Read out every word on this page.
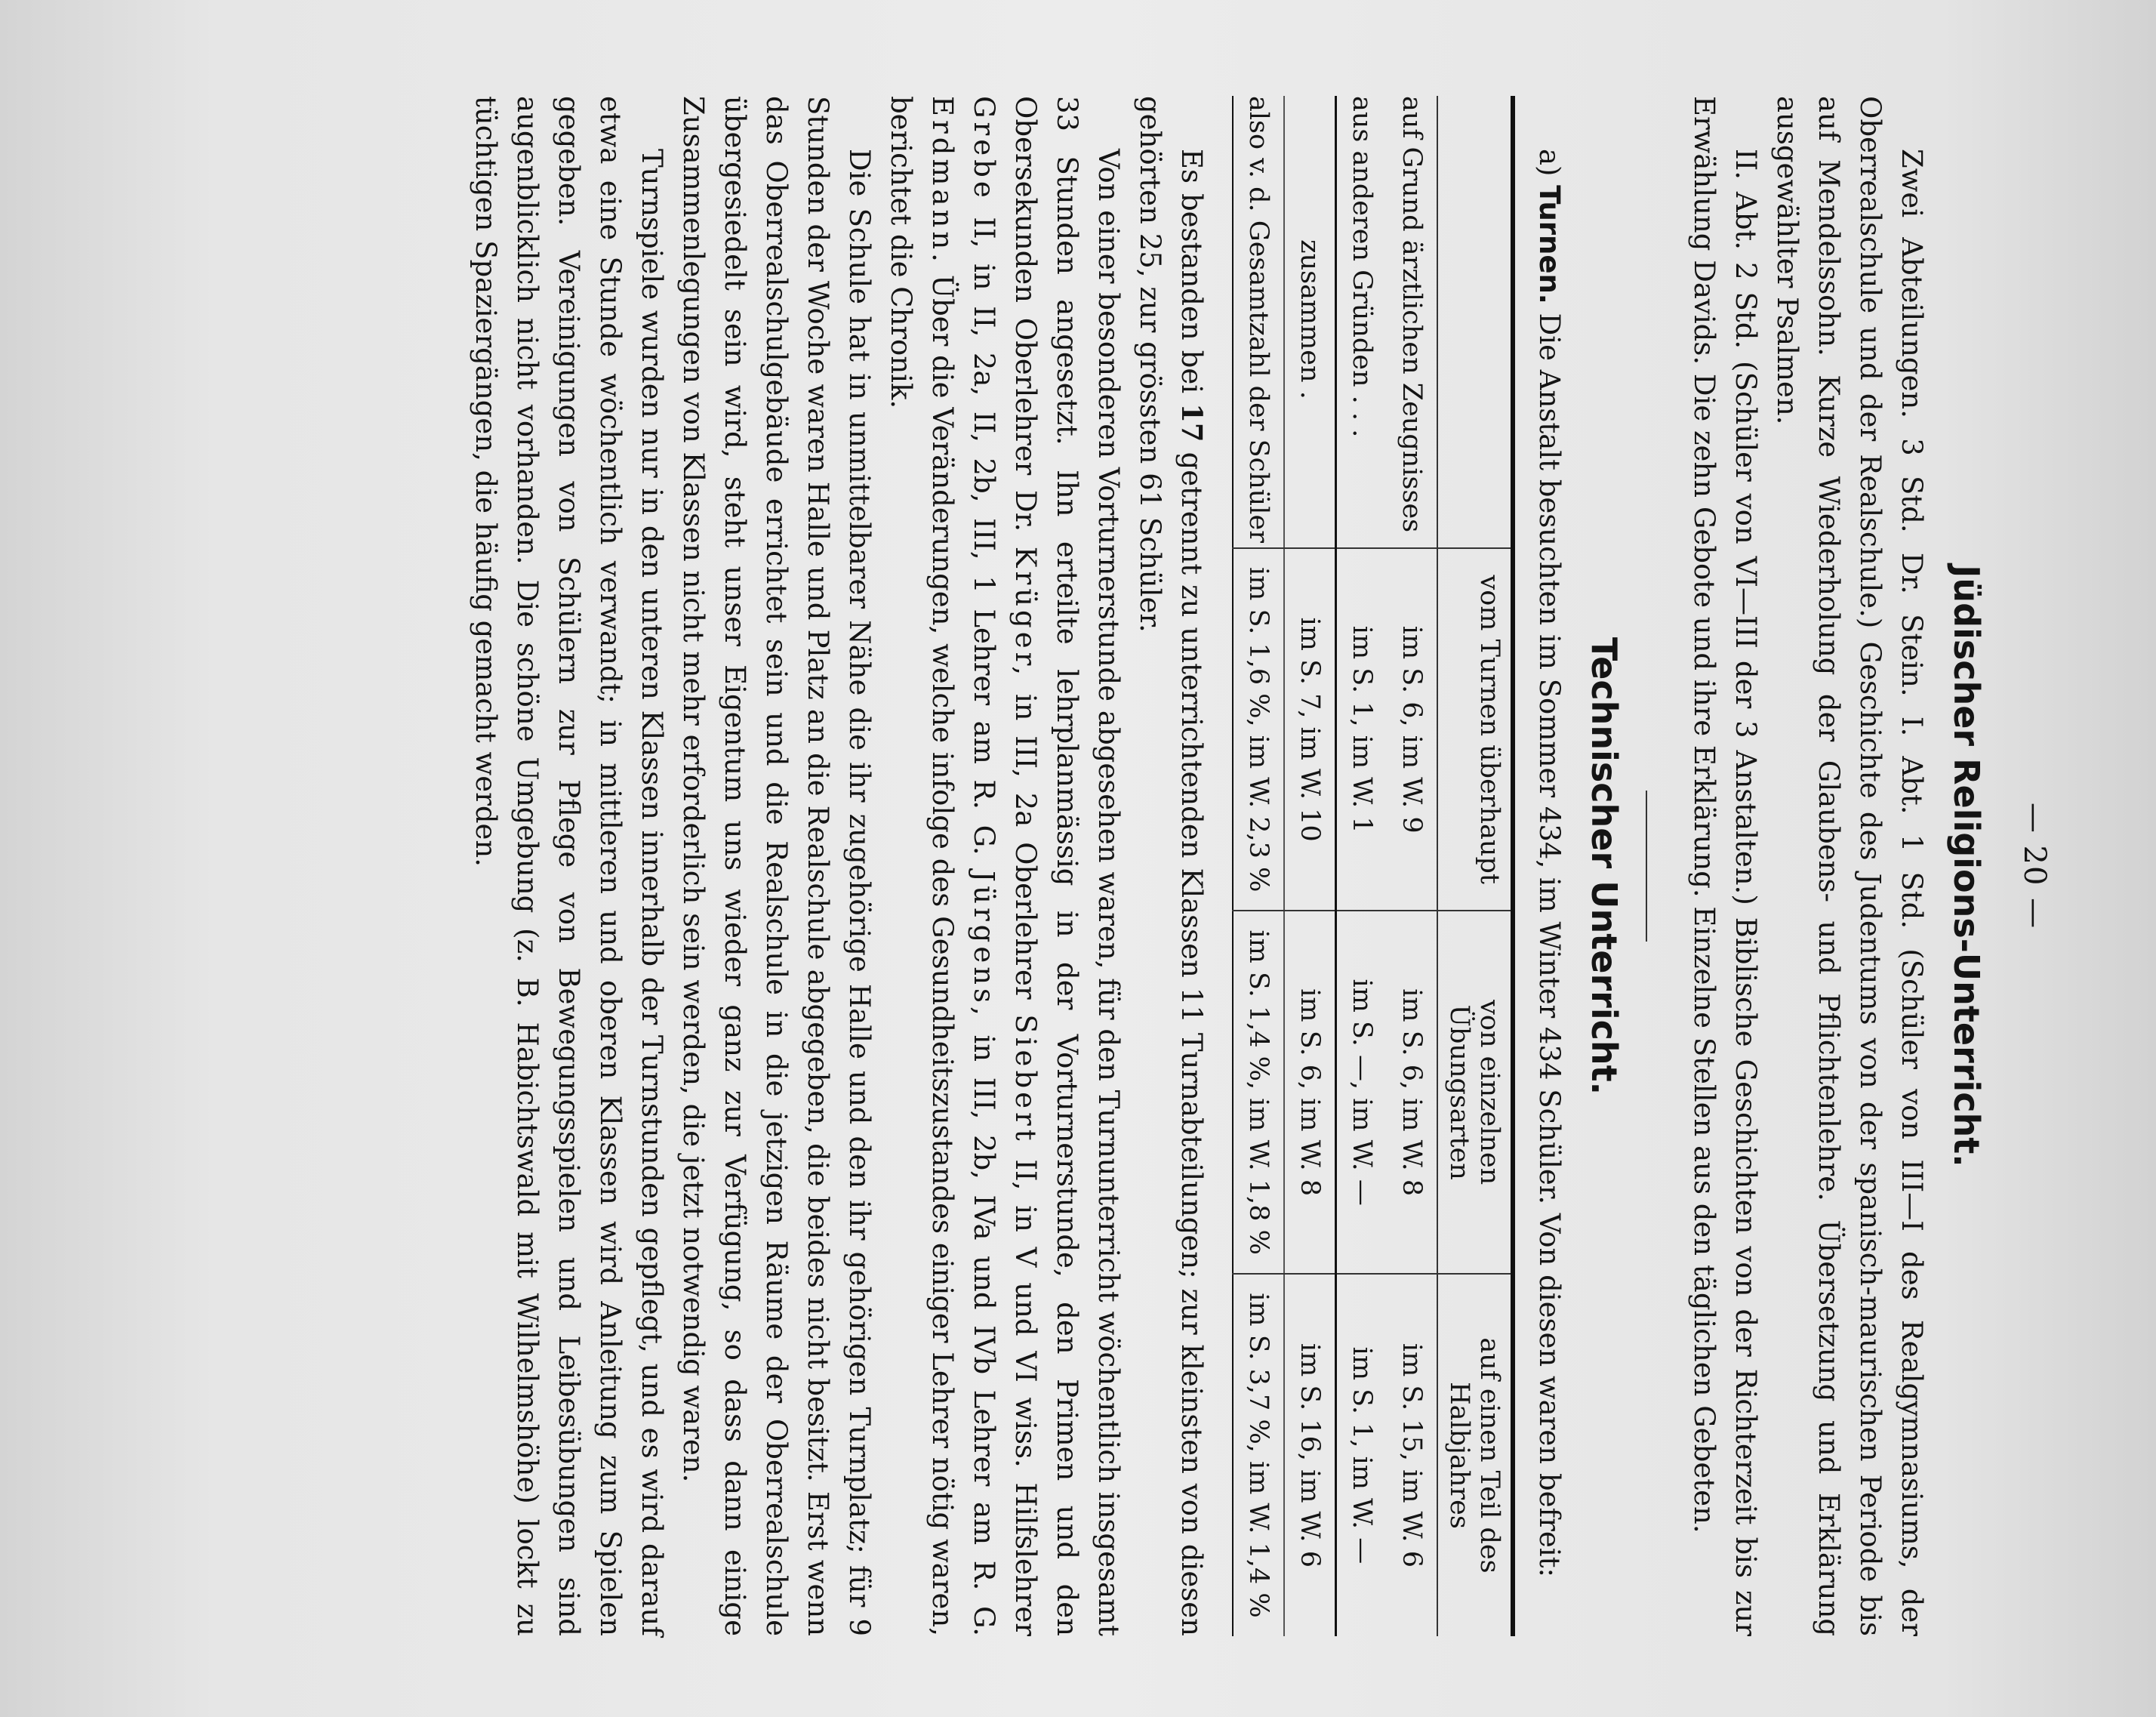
— 20 —
Jüdischer Religions-Unterricht.

Zwei Abteilungen. 3 Std. Dr. Stein. I. Abt. 1 Std. (Schüler von III—I des Realgymnasiums, der Oberrealschule und der Realschule.) Geschichte des Judentums von der spanisch-maurischen Periode bis auf Mendelssohn. Kurze Wiederholung der Glaubens- und Pflichtenlehre. Übersetzung und Erklärung ausgewählter Psalmen.

II. Abt. 2 Std. (Schüler von VI—III der 3 Anstalten.) Biblische Geschichten von der Richterzeit bis zur Erwählung Davids. Die zehn Gebote und ihre Erklärung. Einzelne Stellen aus den täglichen Gebeten.

Technischer Unterricht.

a) Turnen. Die Anstalt besuchten im Sommer 434, im Winter 434 Schüler. Von diesen waren befreit:

	vom Turnen überhaupt	von einzelnen Übungsarten	auf einen Teil des Halbjahres
auf Grund ärztlichen Zeugnisses	im S. 6, im W. 9	im S. 6, im W. 8	im S. 15, im W. 6
aus anderen Gründen . . .	im S. 1, im W. 1	im S. —, im W. —	im S. 1, im W. —
zusammen .	im S. 7, im W. 10	im S. 6, im W. 8	im S. 16, im W. 6
also v. d. Gesamtzahl der Schüler	im S. 1,6 %, im W. 2,3 %	im S. 1,4 %, im W. 1,8 %	im S. 3,7 %, im W. 1,4 %

Es bestanden bei 17 getrennt zu unterrichtenden Klassen 11 Turnabteilungen; zur kleinsten von diesen gehörten 25, zur grössten 61 Schüler.

Von einer besonderen Vorturnerstunde abgesehen waren, für den Turnunterricht wöchentlich insgesamt 33 Stunden angesetzt. Ihn erteilte lehrplanmässig in der Vorturnerstunde, den Primen und den Obersekunden Oberlehrer Dr. Krüger, in III, 2a Oberlehrer Siebert II, in V und VI wiss. Hilfslehrer Grebe II, in II, 2a, II, 2b, III, 1 Lehrer am R. G. Jürgens, in III, 2b, IVa und IVb Lehrer am R. G. Erdmann. Über die Veränderungen, welche infolge des Gesundheitszustandes einiger Lehrer nötig waren, berichtet die Chronik.

Die Schule hat in unmittelbarer Nähe die ihr zugehörige Halle und den ihr gehörigen Turnplatz; für 9 Stunden der Woche waren Halle und Platz an die Realschule abgegeben, die beides nicht besitzt. Erst wenn das Oberrealschulgebäude errichtet sein und die Realschule in die jetzigen Räume der Oberrealschule übergesiedelt sein wird, steht unser Eigentum uns wieder ganz zur Verfügung, so dass dann einige Zusammenlegungen von Klassen nicht mehr erforderlich sein werden, die jetzt notwendig waren.

Turnspiele wurden nur in den unteren Klassen innerhalb der Turnstunden gepflegt, und es wird darauf etwa eine Stunde wöchentlich verwandt; in mittleren und oberen Klassen wird Anleitung zum Spielen gegeben. Vereinigungen von Schülern zur Pflege von Bewegungsspielen und Leibesübungen sind augenblicklich nicht vorhanden. Die schöne Umgebung (z. B. Habichtswald mit Wilhelmshöhe) lockt zu tüchtigen Spaziergängen, die häufig gemacht werden.
